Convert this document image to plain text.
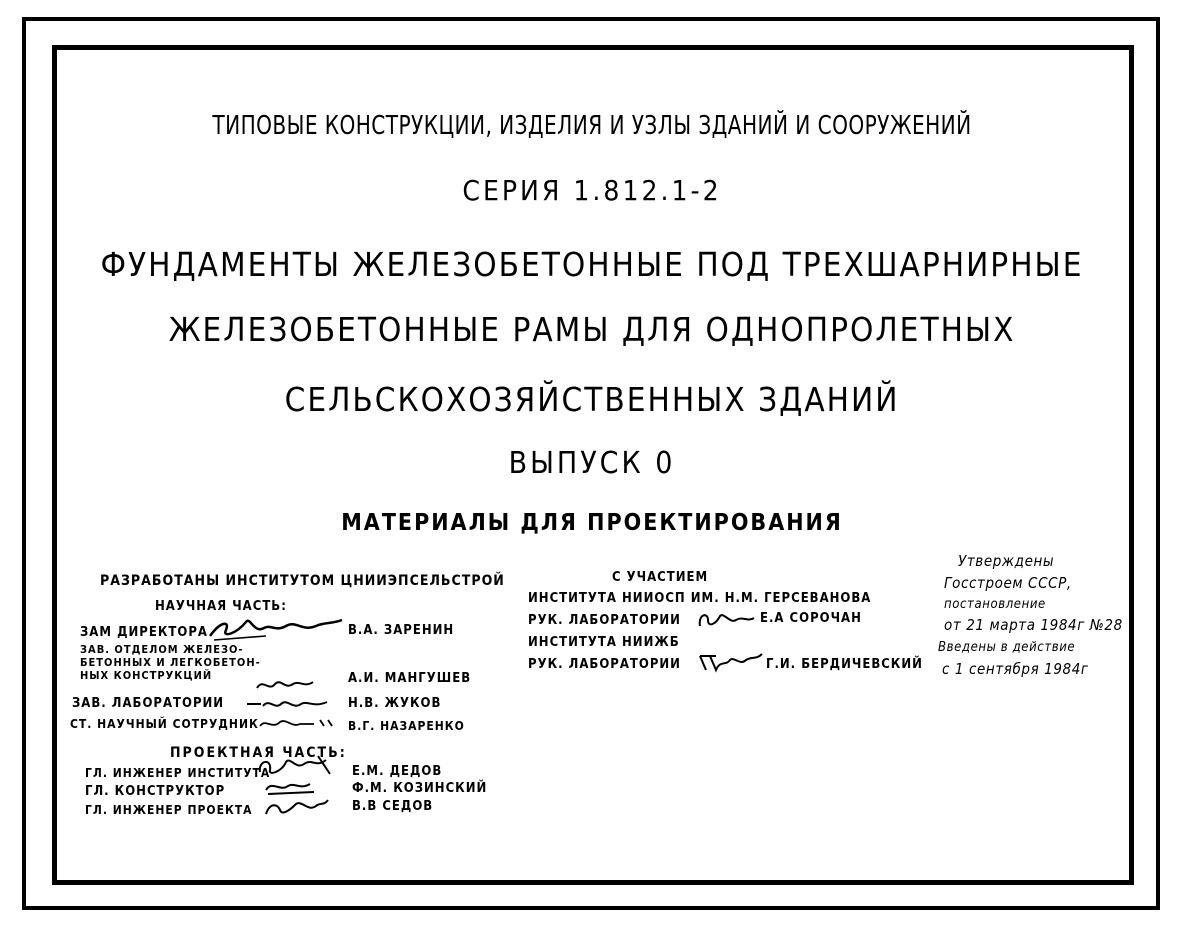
ТИПОВЫЕ КОНСТРУКЦИИ, ИЗДЕЛИЯ И УЗЛЫ ЗДАНИЙ И СООРУЖЕНИЙ
СЕРИЯ 1.812.1-2
ФУНДАМЕНТЫ ЖЕЛЕЗОБЕТОННЫЕ ПОД ТРЕХШАРНИРНЫЕ
ЖЕЛЕЗОБЕТОННЫЕ РАМЫ ДЛЯ ОДНОПРОЛЕТНЫХ
СЕЛЬСКОХОЗЯЙСТВЕННЫХ ЗДАНИЙ
ВЫПУСК 0
МАТЕРИАЛЫ ДЛЯ ПРОЕКТИРОВАНИЯ
РАЗРАБОТАНЫ ИНСТИТУТОМ ЦНИИЭПСЕЛЬСТРОЙ
НАУЧНАЯ ЧАСТЬ:
ЗАМ ДИРЕКТОРА	В.А. ЗАРЕНИН
ЗАВ. ОТДЕЛОМ ЖЕЛЕЗО-
БЕТОННЫХ И ЛЕГКОБЕТОН-
НЫХ КОНСТРУКЦИЙ	А.И. МАНГУШЕВ
ЗАВ. ЛАБОРАТОРИИ	Н.В. ЖУКОВ
СТ. НАУЧНЫЙ СОТРУДНИК	В.Г. НАЗАРЕНКО
ПРОЕКТНАЯ ЧАСТЬ:
ГЛ. ИНЖЕНЕР ИНСТИТУТА	Е.М. ДЕДОВ
ГЛ. КОНСТРУКТОР	Ф.М. КОЗИНСКИЙ
ГЛ. ИНЖЕНЕР ПРОЕКТА	В.В СЕДОВ
С УЧАСТИЕМ
ИНСТИТУТА НИИОСП ИМ. Н.М. ГЕРСЕВАНОВА
РУК. ЛАБОРАТОРИИ	Е.А СОРОЧАН
ИНСТИТУТА НИИЖБ
РУК. ЛАБОРАТОРИИ	Г.И. БЕРДИЧЕВСКИЙ
Утверждены
Госстроем СССР,
постановление
от 21 марта 1984г №28
Введены в действие
с 1 сентября 1984г
